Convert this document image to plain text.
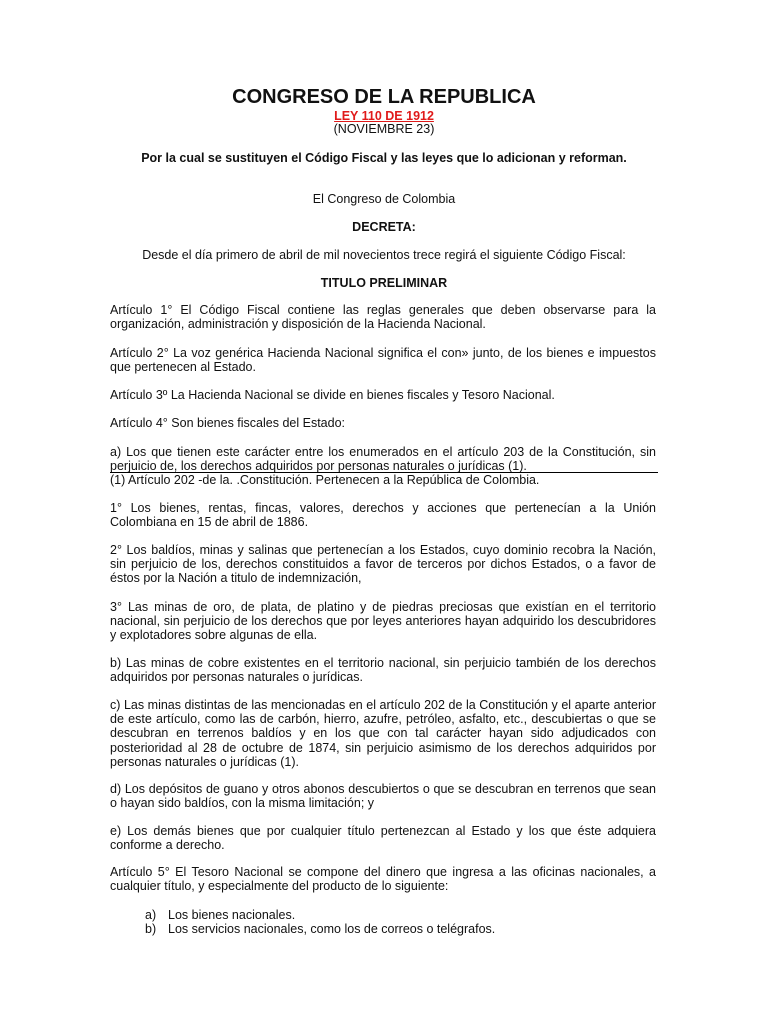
CONGRESO DE LA REPUBLICA
LEY 110 DE 1912
(NOVIEMBRE 23)
Por la cual se sustituyen el Código Fiscal y las leyes que lo adicionan y reforman.
El Congreso de Colombia
DECRETA:
Desde el día primero de abril de mil novecientos trece regirá el siguiente Código Fiscal:
TITULO PRELIMINAR
Artículo 1° El Código Fiscal contiene las reglas generales que deben observarse para la organización, administración y disposición de la Hacienda Nacional.
Artículo 2° La voz genérica Hacienda Nacional significa el con» junto, de los bienes e impuestos que pertenecen al Estado.
Artículo 3º La Hacienda Nacional se divide en bienes fiscales y Tesoro Nacional.
Artículo 4° Son bienes fiscales del Estado:
a) Los que tienen este carácter entre los enumerados en el artículo 203 de la Constitución, sin perjuicio de, los derechos adquiridos por personas naturales o jurídicas (1).
(1) Artículo 202 -de la. .Constitución. Pertenecen a la República de Colombia.
1° Los bienes, rentas, fincas, valores, derechos y acciones que pertenecían a la Unión Colombiana en 15 de abril de 1886.
2° Los baldíos, minas y salinas que pertenecían a los Estados, cuyo dominio recobra la Nación, sin perjuicio de los, derechos constituidos a favor de terceros por dichos Estados, o a favor de éstos por la Nación a titulo de indemnización,
3° Las minas de oro, de plata, de platino y de piedras preciosas que existían en el territorio nacional, sin perjuicio de los derechos que por leyes anteriores hayan adquirido los descubridores y explotadores sobre algunas de ella.
b) Las minas de cobre existentes en el territorio nacional, sin perjuicio también de los derechos adquiridos por personas naturales o jurídicas.
c) Las minas distintas de las mencionadas en el artículo 202 de la Constitución y el aparte anterior de este artículo, como las de carbón, hierro, azufre, petróleo, asfalto, etc., descubiertas o que se descubran en terrenos baldíos y en los que con tal carácter hayan sido adjudicados con posterioridad al 28 de octubre de 1874, sin perjuicio asimismo de los derechos adquiridos por personas naturales o jurídicas (1).
d) Los depósitos de guano y otros abonos descubiertos o que se descubran en terrenos que sean o hayan sido baldíos, con la misma limitación; y
e) Los demás bienes que por cualquier título pertenezcan al Estado y los que éste adquiera conforme a derecho.
Artículo 5° El Tesoro Nacional se compone del dinero que ingresa a las oficinas nacionales, a cualquier título, y especialmente del producto de lo siguiente:
a) Los bienes nacionales.
b) Los servicios nacionales, como los de correos o telégrafos.
